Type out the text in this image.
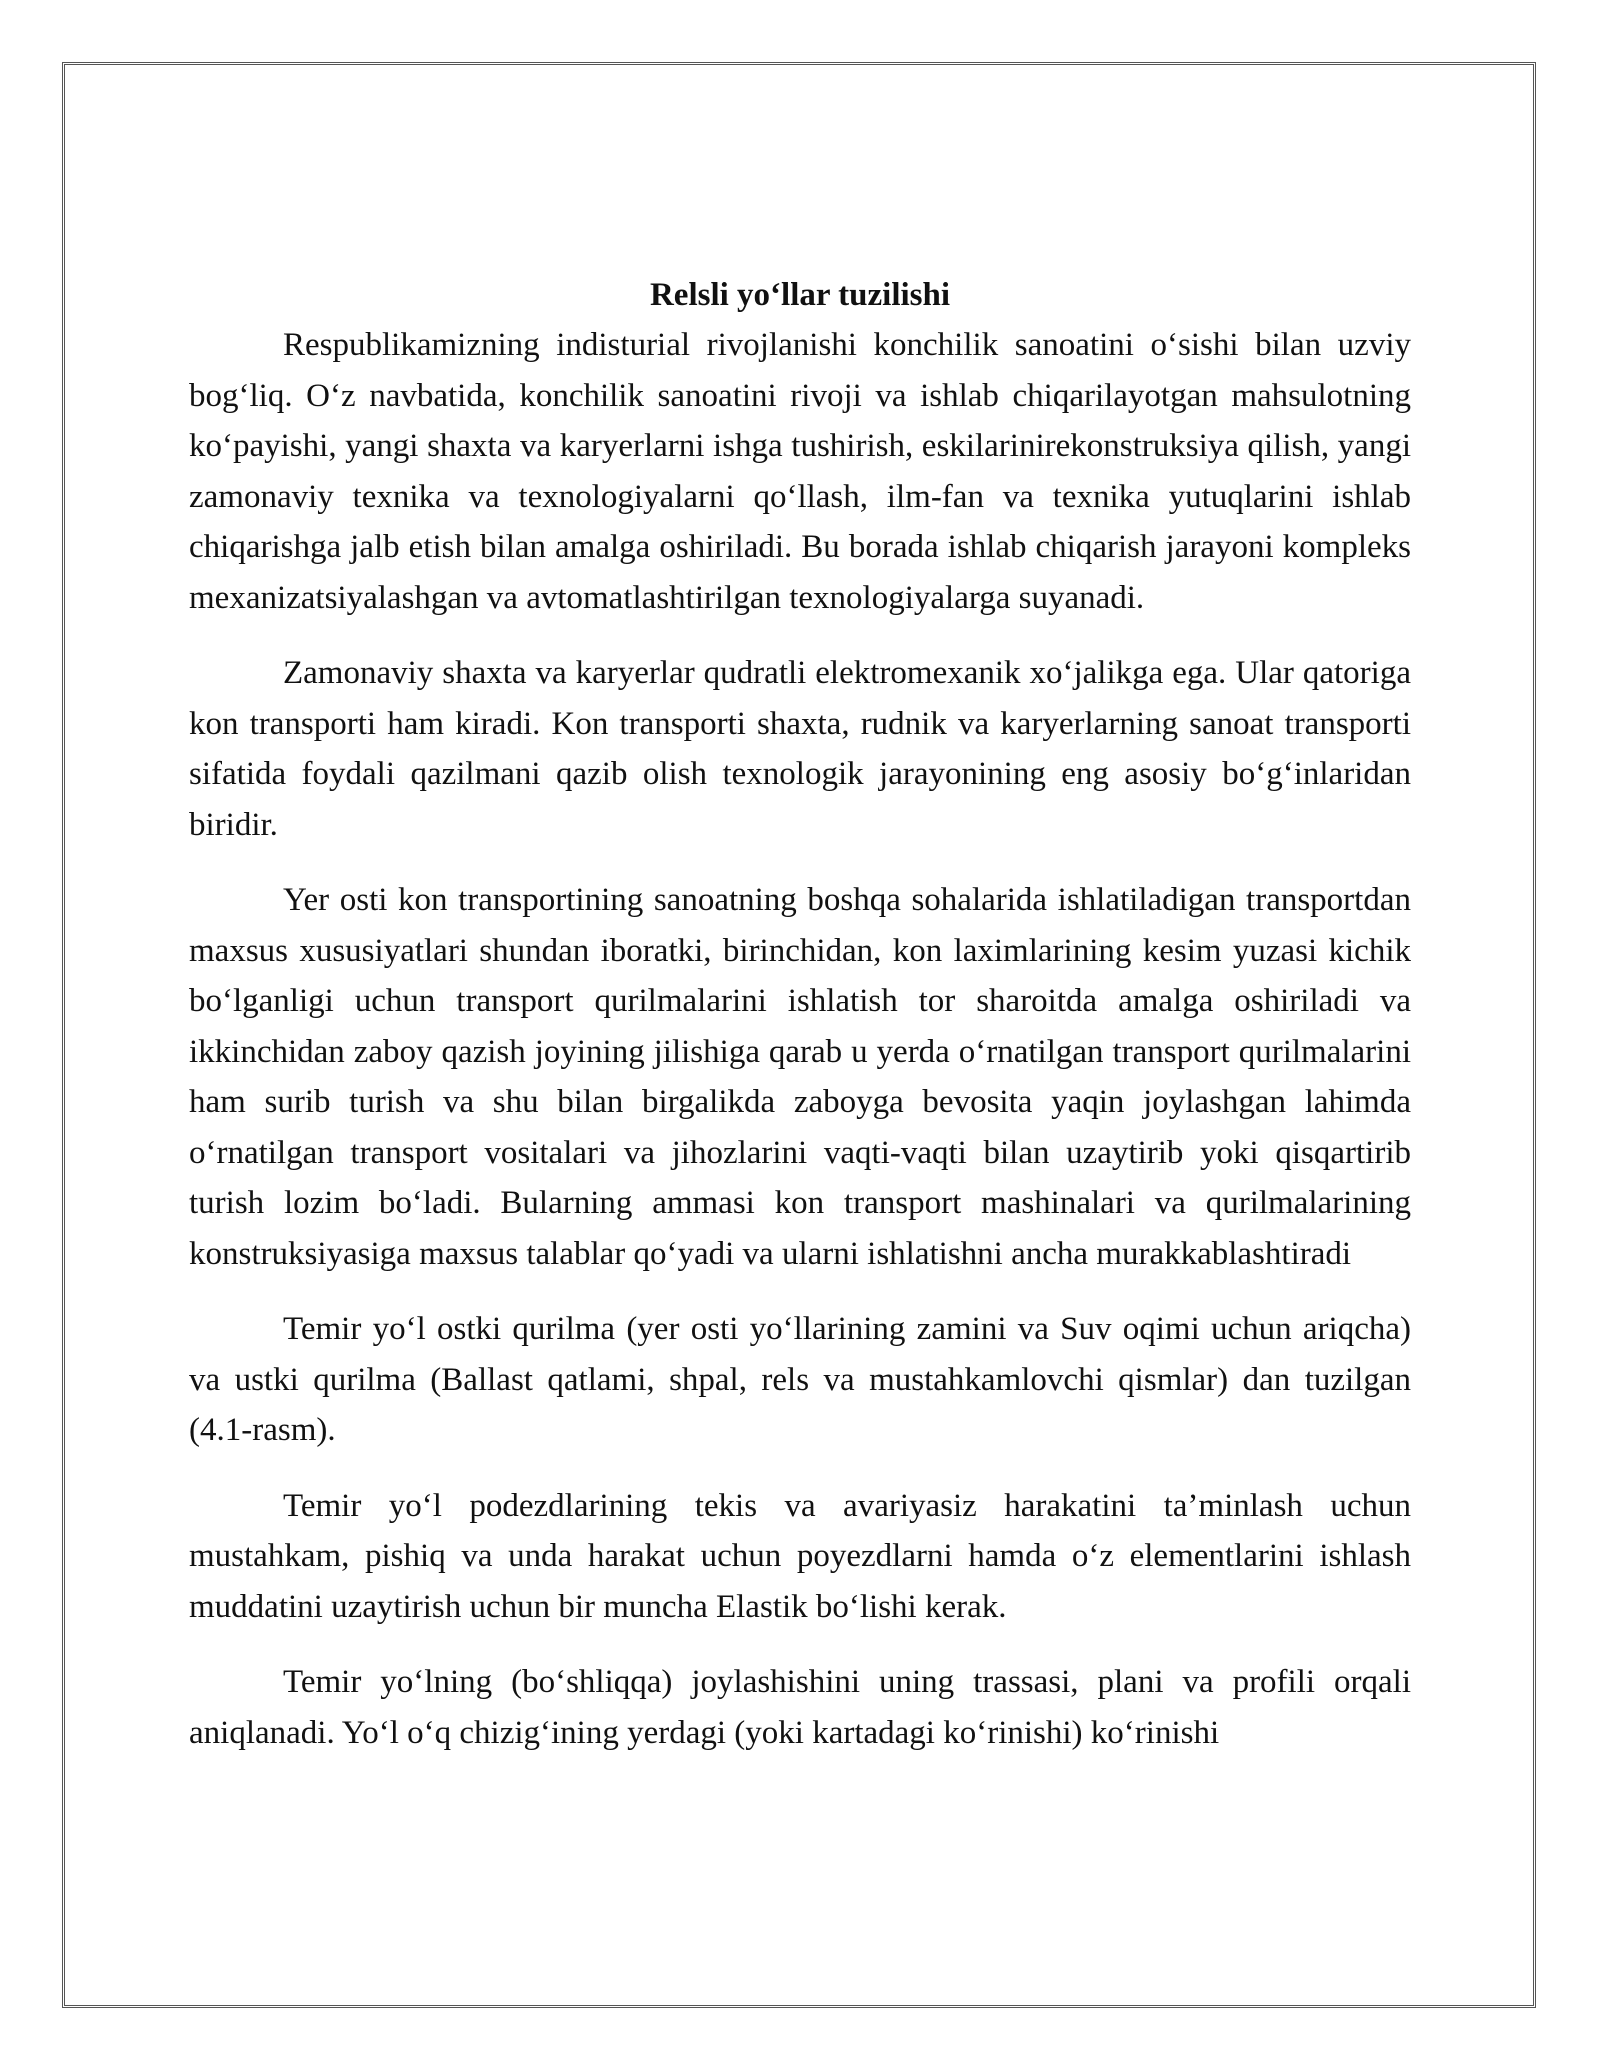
Relsli yo‘llar tuzilishi

Respublikamizning indisturial rivojlanishi konchilik sanoatini o‘sishi bilan uzviy bog‘liq. O‘z navbatida, konchilik sanoatini rivoji va ishlab chiqarilayotgan mahsulotning ko‘payishi, yangi shaxta va karyerlarni ishga tushirish, eskilarinirekonstruksiya qilish, yangi zamonaviy texnika va texnologiyalarni qo‘llash, ilm-fan va texnika yutuqlarini ishlab chiqarishga jalb etish bilan amalga oshiriladi. Bu borada ishlab chiqarish jarayoni kompleks mexanizatsiyalashgan va avtomatlashtirilgan texnologiyalarga suyanadi.

Zamonaviy shaxta va karyerlar qudratli elektromexanik xo‘jalikga ega. Ular qatoriga kon transporti ham kiradi. Kon transporti shaxta, rudnik va karyerlarning sanoat transporti sifatida foydali qazilmani qazib olish texnologik jarayonining eng asosiy bo‘g‘inlaridan biridir.

Yer osti kon transportining sanoatning boshqa sohalarida ishlatiladigan transportdan maxsus xususiyatlari shundan iboratki, birinchidan, kon laximlarining kesim yuzasi kichik bo‘lganligi uchun transport qurilmalarini ishlatish tor sharoitda amalga oshiriladi va ikkinchidan zaboy qazish joyining jilishiga qarab u yerda o‘rnatilgan transport qurilmalarini ham surib turish va shu bilan birgalikda zaboyga bevosita yaqin joylashgan lahimda o‘rnatilgan transport vositalari va jihozlarini vaqti-vaqti bilan uzaytirib yoki qisqartirib turish lozim bo‘ladi. Bularning ammasi kon transport mashinalari va qurilmalarining konstruksiyasiga maxsus talablar qo‘yadi va ularni ishlatishni ancha murakkablashtiradi

Temir yo‘l ostki qurilma (yer osti yo‘llarining zamini va Suv oqimi uchun ariqcha) va ustki qurilma (Ballast qatlami, shpal, rels va mustahkamlovchi qismlar) dan tuzilgan (4.1-rasm).

Temir yo‘l podezdlarining tekis va avariyasiz harakatini ta’minlash uchun mustahkam, pishiq va unda harakat uchun poyezdlarni hamda o‘z elementlarini ishlash muddatini uzaytirish uchun bir muncha Elastik bo‘lishi kerak.

Temir yo‘lning (bo‘shliqqa) joylashishini uning trassasi, plani va profili orqali aniqlanadi. Yo‘l o‘q chizig‘ining yerdagi (yoki kartadagi ko‘rinishi) ko‘rinishi
